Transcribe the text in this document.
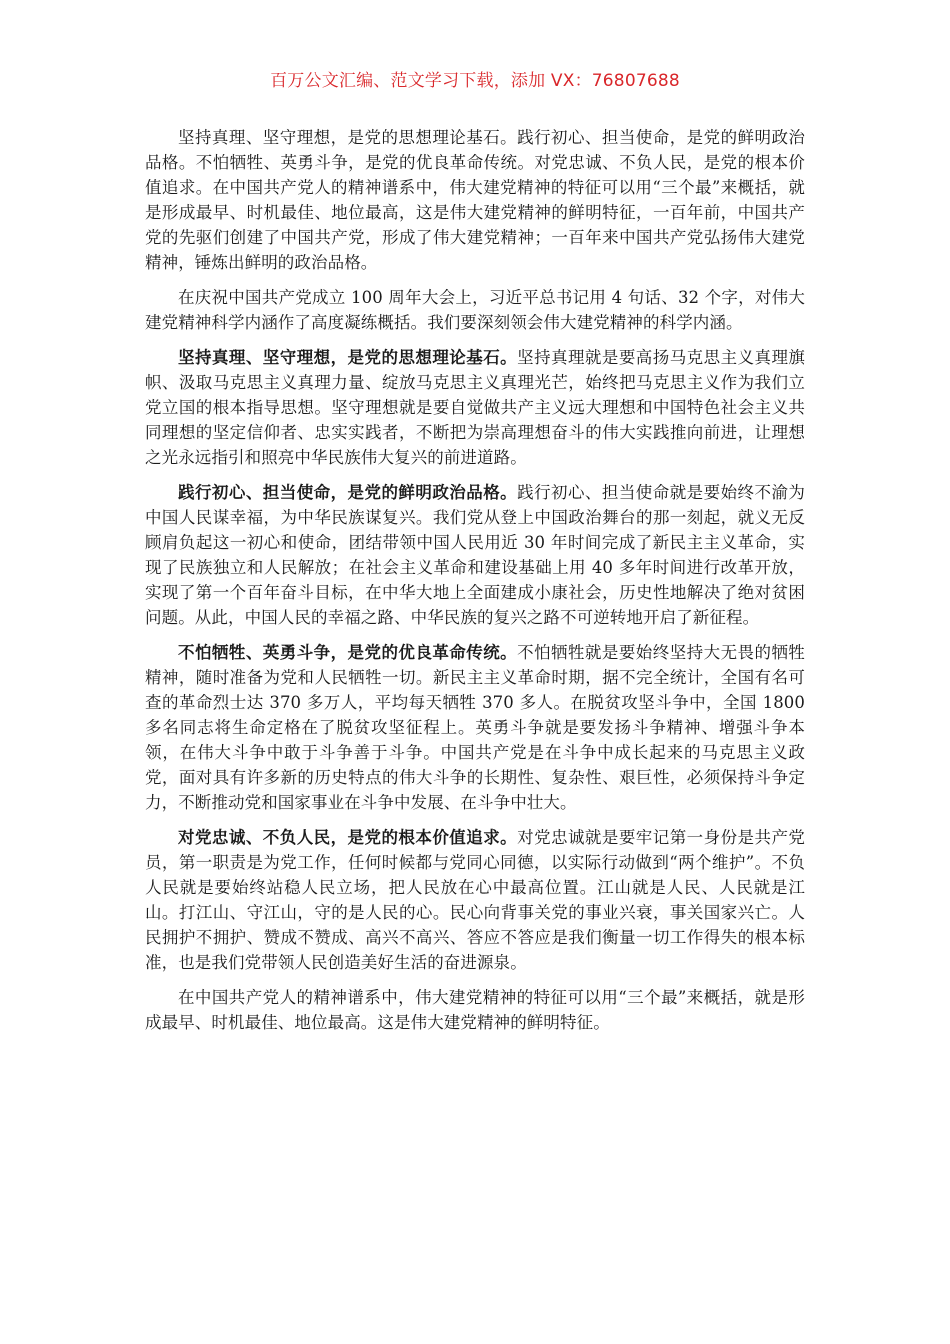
百万公文汇编、范文学习下载，添加 VX：76807688

坚持真理、坚守理想，是党的思想理论基石。践行初心、担当使命，是党的鲜明政治品格。不怕牺牲、英勇斗争，是党的优良革命传统。对党忠诚、不负人民，是党的根本价值追求。在中国共产党人的精神谱系中，伟大建党精神的特征可以用“三个最”来概括，就是形成最早、时机最佳、地位最高，这是伟大建党精神的鲜明特征，一百年前，中国共产党的先驱们创建了中国共产党，形成了伟大建党精神；一百年来中国共产党弘扬伟大建党精神，锤炼出鲜明的政治品格。

在庆祝中国共产党成立 100 周年大会上，习近平总书记用 4 句话、32 个字，对伟大建党精神科学内涵作了高度凝练概括。我们要深刻领会伟大建党精神的科学内涵。

坚持真理、坚守理想，是党的思想理论基石。坚持真理就是要高扬马克思主义真理旗帜、汲取马克思主义真理力量、绽放马克思主义真理光芒，始终把马克思主义作为我们立党立国的根本指导思想。坚守理想就是要自觉做共产主义远大理想和中国特色社会主义共同理想的坚定信仰者、忠实实践者，不断把为崇高理想奋斗的伟大实践推向前进，让理想之光永远指引和照亮中华民族伟大复兴的前进道路。

践行初心、担当使命，是党的鲜明政治品格。践行初心、担当使命就是要始终不渝为中国人民谋幸福，为中华民族谋复兴。我们党从登上中国政治舞台的那一刻起，就义无反顾肩负起这一初心和使命，团结带领中国人民用近 30 年时间完成了新民主主义革命，实现了民族独立和人民解放；在社会主义革命和建设基础上用 40 多年时间进行改革开放，实现了第一个百年奋斗目标，在中华大地上全面建成小康社会，历史性地解决了绝对贫困问题。从此，中国人民的幸福之路、中华民族的复兴之路不可逆转地开启了新征程。

不怕牺牲、英勇斗争，是党的优良革命传统。不怕牺牲就是要始终坚持大无畏的牺牲精神，随时准备为党和人民牺牲一切。新民主主义革命时期，据不完全统计，全国有名可查的革命烈士达 370 多万人，平均每天牺牲 370 多人。在脱贫攻坚斗争中，全国 1800 多名同志将生命定格在了脱贫攻坚征程上。英勇斗争就是要发扬斗争精神、增强斗争本领，在伟大斗争中敢于斗争善于斗争。中国共产党是在斗争中成长起来的马克思主义政党，面对具有许多新的历史特点的伟大斗争的长期性、复杂性、艰巨性，必须保持斗争定力，不断推动党和国家事业在斗争中发展、在斗争中壮大。

对党忠诚、不负人民，是党的根本价值追求。对党忠诚就是要牢记第一身份是共产党员，第一职责是为党工作，任何时候都与党同心同德，以实际行动做到“两个维护”。不负人民就是要始终站稳人民立场，把人民放在心中最高位置。江山就是人民、人民就是江山。打江山、守江山，守的是人民的心。民心向背事关党的事业兴衰，事关国家兴亡。人民拥护不拥护、赞成不赞成、高兴不高兴、答应不答应是我们衡量一切工作得失的根本标准，也是我们党带领人民创造美好生活的奋进源泉。

在中国共产党人的精神谱系中，伟大建党精神的特征可以用“三个最”来概括，就是形成最早、时机最佳、地位最高。这是伟大建党精神的鲜明特征。
